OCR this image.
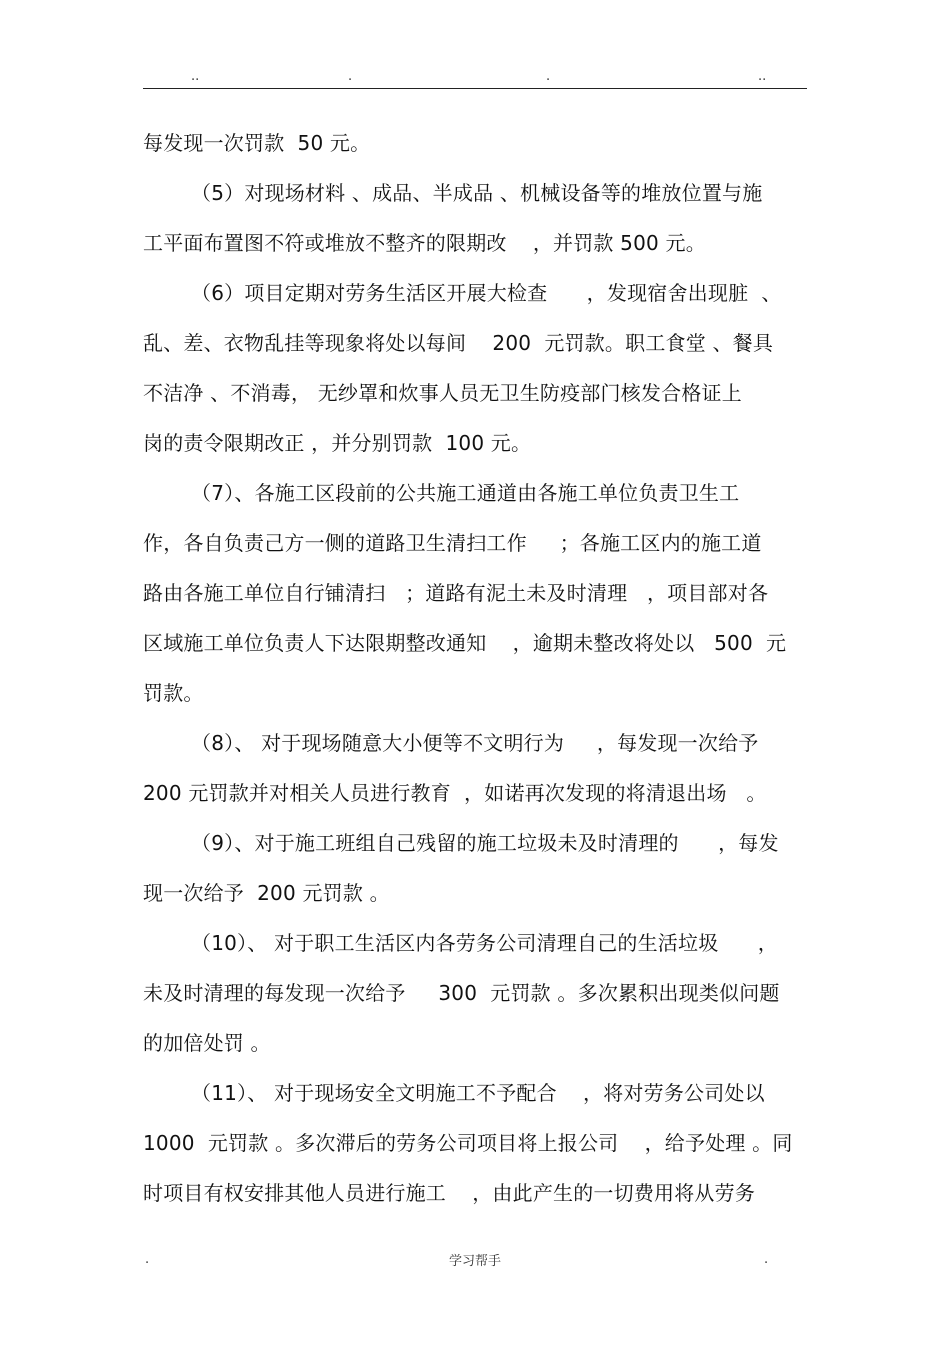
..	.	.	..
每发现一次罚款  50 元。
（5）对现场材料 、成品、半成品 、机械设备等的堆放位置与施
工平面布置图不符或堆放不整齐的限期改    ，并罚款 500 元。
（6）项目定期对劳务生活区开展大检查      ，发现宿舍出现脏  、
乱、差、衣物乱挂等现象将处以每间    200  元罚款。职工食堂 、餐具
不洁净 、不消毒， 无纱罩和炊事人员无卫生防疫部门核发合格证上
岗的责令限期改正 ，并分别罚款  100 元。
（7）、各施工区段前的公共施工通道由各施工单位负责卫生工
作，各自负责己方一侧的道路卫生清扫工作     ；各施工区内的施工道
路由各施工单位自行铺清扫   ；道路有泥土未及时清理   ，项目部对各
区域施工单位负责人下达限期整改通知    ，逾期未整改将处以   500  元
罚款。
（8）、 对于现场随意大小便等不文明行为     ，每发现一次给予
200 元罚款并对相关人员进行教育  ，如诺再次发现的将清退出场   。
（9）、对于施工班组自己残留的施工垃圾未及时清理的      ，每发
现一次给予  200 元罚款 。
（10）、 对于职工生活区内各劳务公司清理自己的生活垃圾      ，
未及时清理的每发现一次给予     300  元罚款 。多次累积出现类似问题
的加倍处罚 。
（11）、 对于现场安全文明施工不予配合    ，将对劳务公司处以
1000  元罚款 。多次滞后的劳务公司项目将上报公司    ，给予处理 。同
时项目有权安排其他人员进行施工    ，由此产生的一切费用将从劳务
.	学习帮手	.
